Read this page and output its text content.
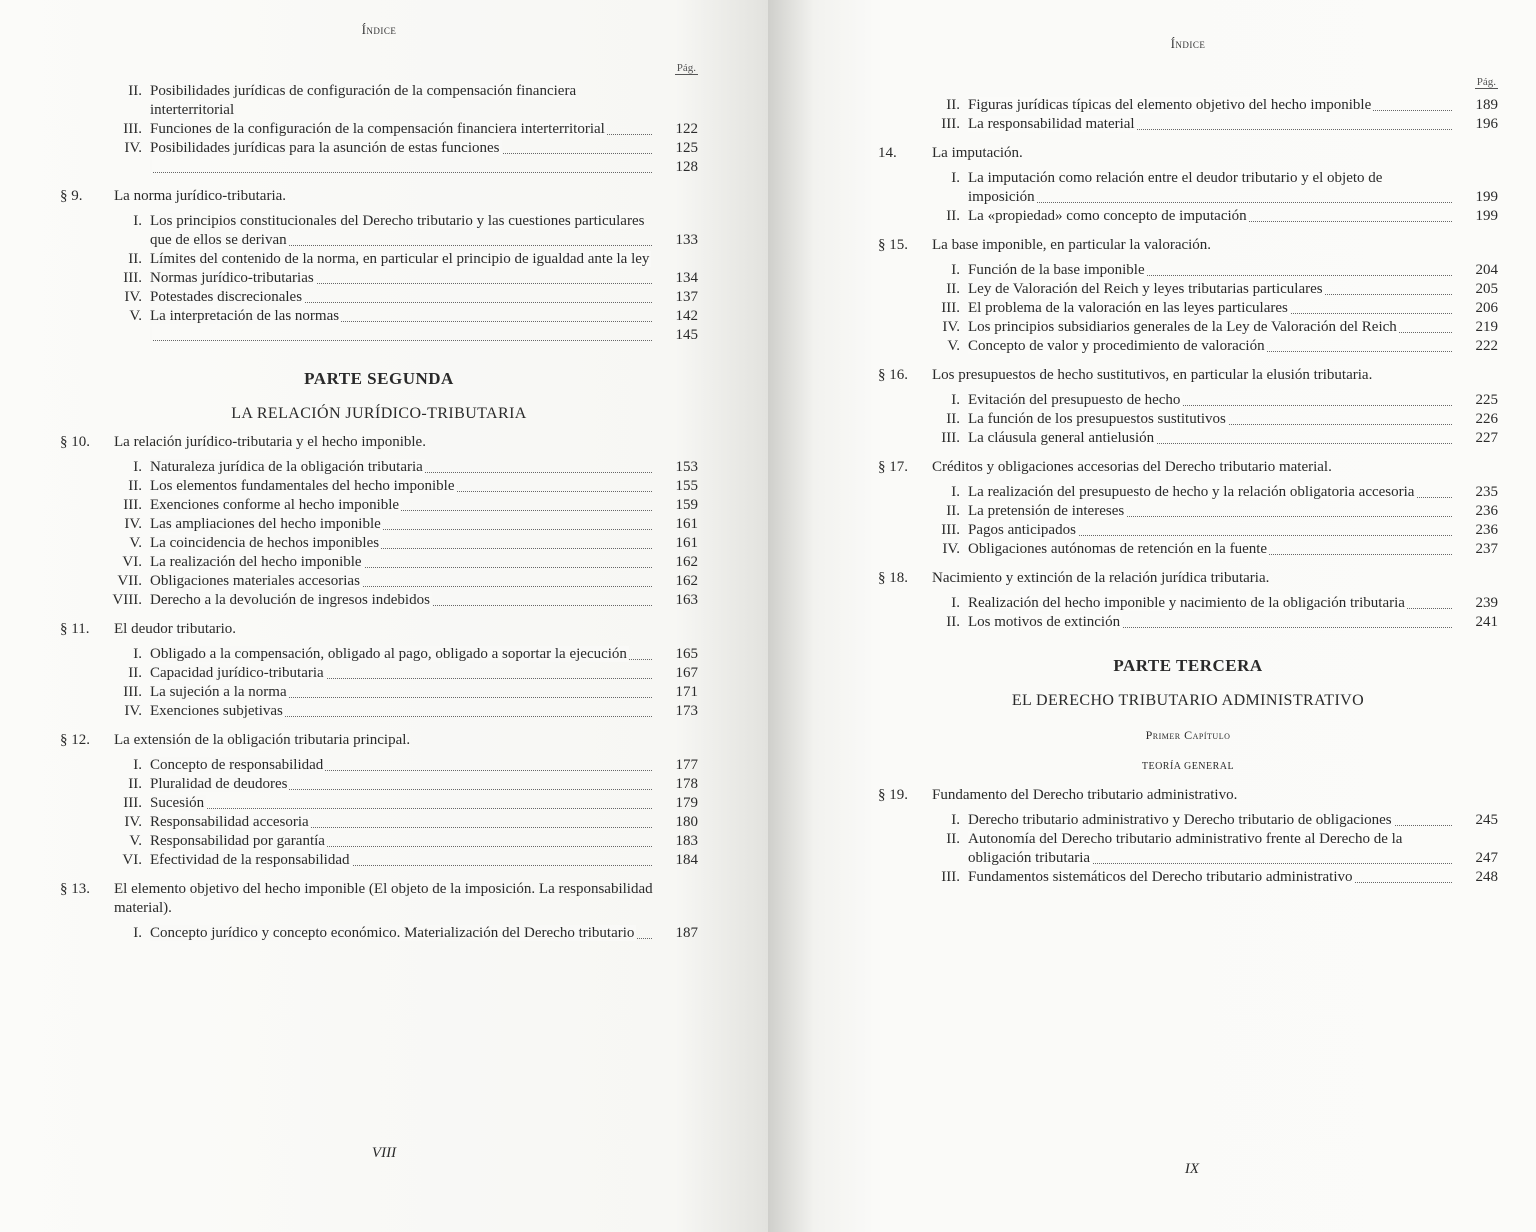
Índice
Pág.
II. Posibilidades jurídicas de configuración de la compensación financiera interterritorial
III. Funciones de la configuración de la compensación financiera interterritorial	122
IV. Posibilidades jurídicas para la asunción de estas funciones	125
128
§ 9.	La norma jurídico-tributaria.
I. Los principios constitucionales del Derecho tributario y las cuestiones particulares que de ellos se derivan	133
II. Límites del contenido de la norma, en particular el principio de igualdad ante la ley
III. Normas jurídico-tributarias	134
IV. Potestades discrecionales	137
V. La interpretación de las normas	142
145
PARTE SEGUNDA
LA RELACIÓN JURÍDICO-TRIBUTARIA
§ 10.	La relación jurídico-tributaria y el hecho imponible.
I. Naturaleza jurídica de la obligación tributaria	153
II. Los elementos fundamentales del hecho imponible	155
III. Exenciones conforme al hecho imponible	159
IV. Las ampliaciones del hecho imponible	161
V. La coincidencia de hechos imponibles	161
VI. La realización del hecho imponible	162
VII. Obligaciones materiales accesorias	162
VIII. Derecho a la devolución de ingresos indebidos	163
§ 11.	El deudor tributario.
I. Obligado a la compensación, obligado al pago, obligado a soportar la ejecución	165
II. Capacidad jurídico-tributaria	167
III. La sujeción a la norma	171
IV. Exenciones subjetivas	173
§ 12.	La extensión de la obligación tributaria principal.
I. Concepto de responsabilidad	177
II. Pluralidad de deudores	178
III. Sucesión	179
IV. Responsabilidad accesoria	180
V. Responsabilidad por garantía	183
VI. Efectividad de la responsabilidad	184
§ 13.	El elemento objetivo del hecho imponible (El objeto de la imposición. La responsabilidad material).
I. Concepto jurídico y concepto económico. Materialización del Derecho tributario	187
VIII
Índice
Pág.
II. Figuras jurídicas típicas del elemento objetivo del hecho imponible	189
III. La responsabilidad material	196
14.	La imputación.
I. La imputación como relación entre el deudor tributario y el objeto de imposición	199
II. La «propiedad» como concepto de imputación	199
§ 15.	La base imponible, en particular la valoración.
I. Función de la base imponible	204
II. Ley de Valoración del Reich y leyes tributarias particulares	205
III. El problema de la valoración en las leyes particulares	206
IV. Los principios subsidiarios generales de la Ley de Valoración del Reich	219
V. Concepto de valor y procedimiento de valoración	222
§ 16.	Los presupuestos de hecho sustitutivos, en particular la elusión tributaria.
I. Evitación del presupuesto de hecho	225
II. La función de los presupuestos sustitutivos	226
III. La cláusula general antielusión	227
§ 17.	Créditos y obligaciones accesorias del Derecho tributario material.
I. La realización del presupuesto de hecho y la relación obligatoria accesoria	235
II. La pretensión de intereses	236
III. Pagos anticipados	236
IV. Obligaciones autónomas de retención en la fuente	237
§ 18.	Nacimiento y extinción de la relación jurídica tributaria.
I. Realización del hecho imponible y nacimiento de la obligación tributaria	239
II. Los motivos de extinción	241
PARTE TERCERA
EL DERECHO TRIBUTARIO ADMINISTRATIVO
Primer Capítulo
TEORÍA GENERAL
§ 19.	Fundamento del Derecho tributario administrativo.
I. Derecho tributario administrativo y Derecho tributario de obligaciones	245
II. Autonomía del Derecho tributario administrativo frente al Derecho de la obligación tributaria	247
III. Fundamentos sistemáticos del Derecho tributario administrativo	248
IX
